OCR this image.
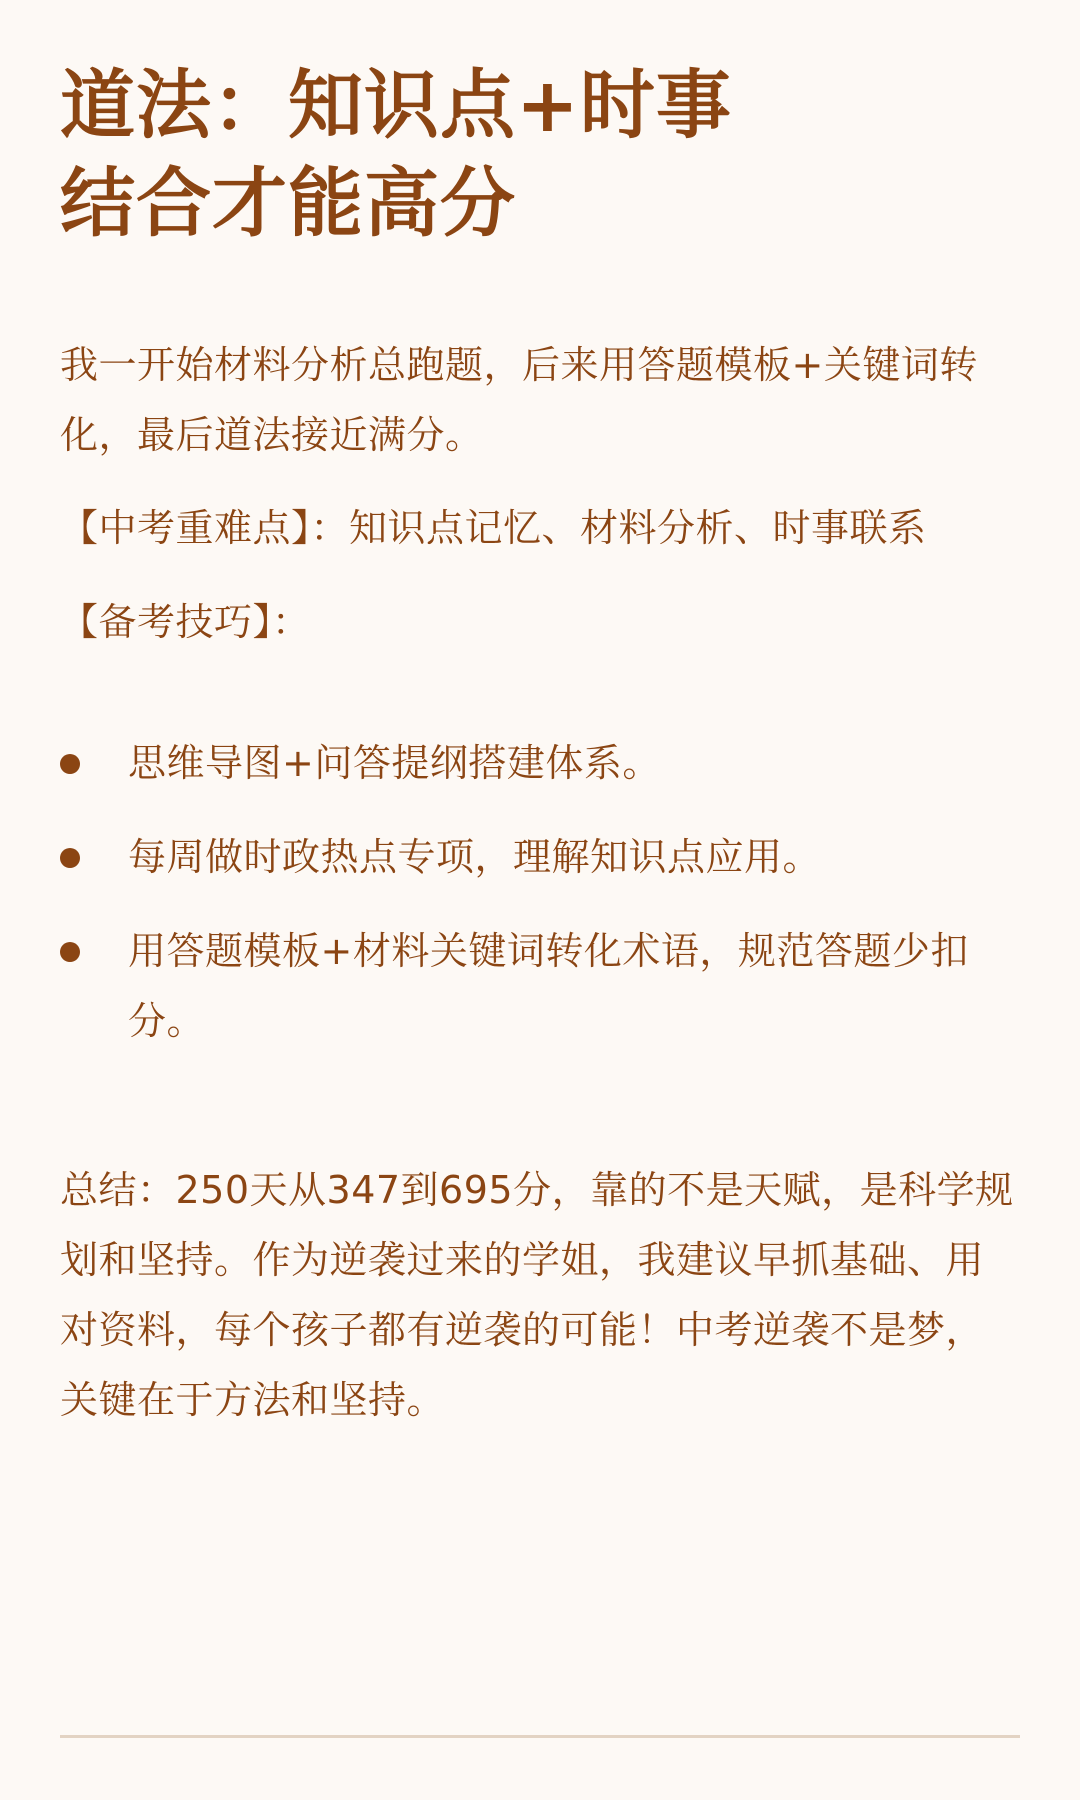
道法：知识点+时事
结合才能高分

我一开始材料分析总跑题，后来用答题模板+关键词转化，最后道法接近满分。

【中考重难点】：知识点记忆、材料分析、时事联系

【备考技巧】：

思维导图+问答提纲搭建体系。
每周做时政热点专项，理解知识点应用。
用答题模板+材料关键词转化术语，规范答题少扣分。

总结：250天从347到695分，靠的不是天赋，是科学规划和坚持。作为逆袭过来的学姐，我建议早抓基础、用对资料，每个孩子都有逆袭的可能！中考逆袭不是梦，关键在于方法和坚持。
